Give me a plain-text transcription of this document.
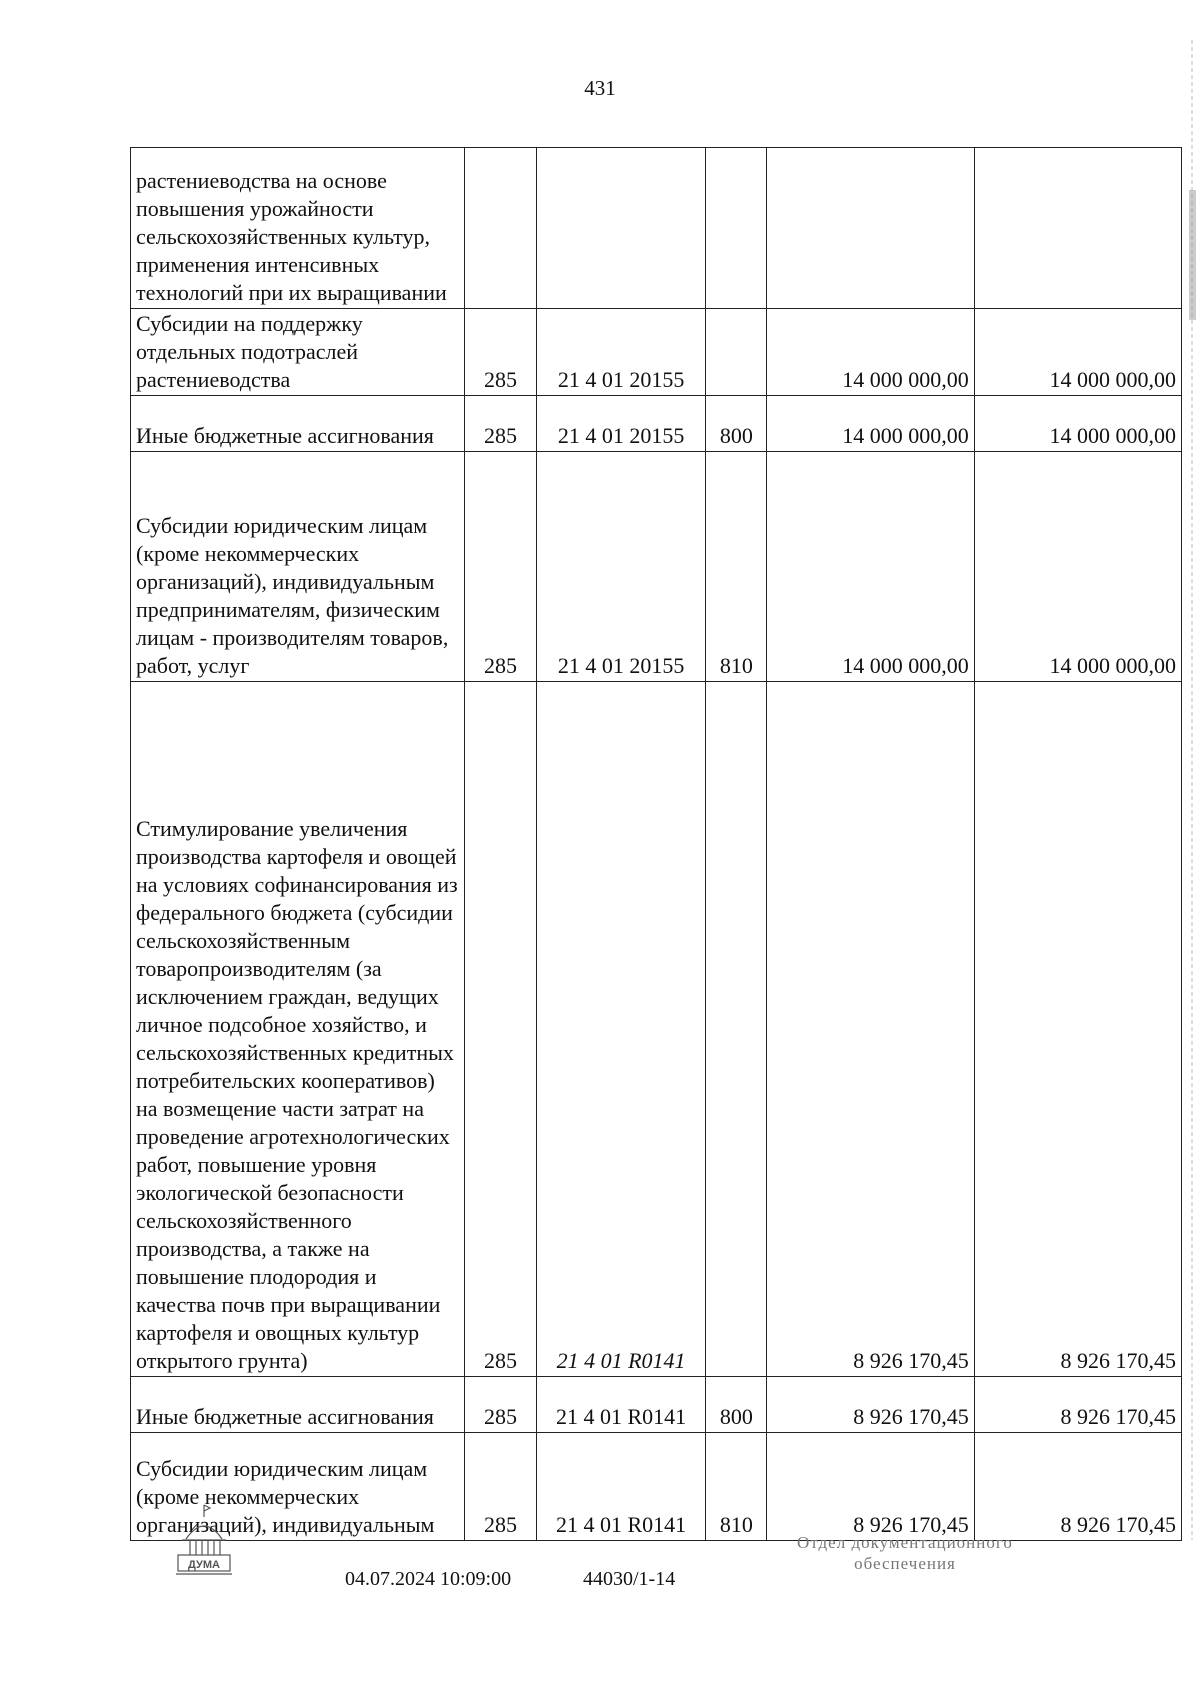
431
растениеводства на основе повышения урожайности сельскохозяйственных культур, применения интенсивных технологий при их выращивании					
Субсидии на поддержку отдельных подотраслей растениеводства	285	21 4 01 20155		14 000 000,00	14 000 000,00
Иные бюджетные ассигнования	285	21 4 01 20155	800	14 000 000,00	14 000 000,00
Субсидии юридическим лицам (кроме некоммерческих организаций), индивидуальным предпринимателям, физическим лицам - производителям товаров, работ, услуг	285	21 4 01 20155	810	14 000 000,00	14 000 000,00
Стимулирование увеличения производства картофеля и овощей на условиях софинансирования из федерального бюджета (субсидии сельскохозяйственным товаропроизводителям (за исключением граждан, ведущих личное подсобное хозяйство, и сельскохозяйственных кредитных потребительских кооперативов) на возмещение части затрат на проведение агротехнологических работ, повышение уровня экологической безопасности сельскохозяйственного производства, а также на повышение плодородия и качества почв при выращивании картофеля и овощных культур открытого грунта)	285	21 4 01 R0141		8 926 170,45	8 926 170,45
Иные бюджетные ассигнования	285	21 4 01 R0141	800	8 926 170,45	8 926 170,45
Субсидии юридическим лицам (кроме некоммерческих организаций), индивидуальным	285	21 4 01 R0141	810	8 926 170,45	8 926 170,45
ДУМА
04.07.2024 10:09:00	44030/1-14
Отдел документационного
обеспечения
